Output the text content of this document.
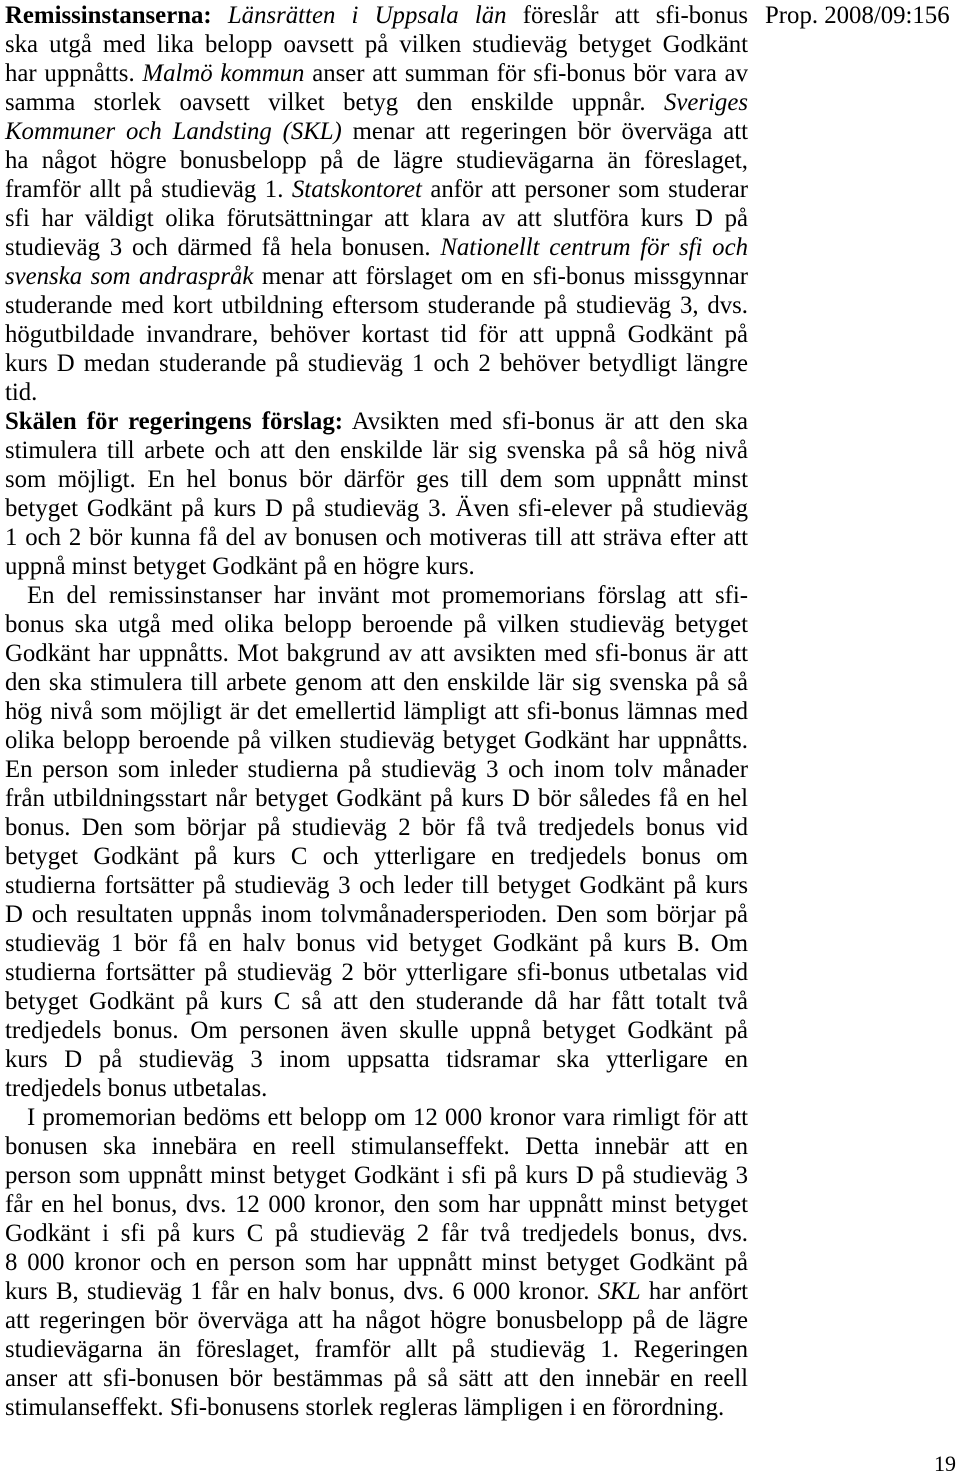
Remissinstanserna: Länsrätten i Uppsala län föreslår att sfi-bonus
ska utgå med lika belopp oavsett på vilken studieväg betyget Godkänt
har uppnåtts. Malmö kommun anser att summan för sfi-bonus bör vara av
samma storlek oavsett vilket betyg den enskilde uppnår. Sveriges
Kommuner och Landsting (SKL) menar att regeringen bör överväga att
ha något högre bonusbelopp på de lägre studievägarna än föreslaget,
framför allt på studieväg 1. Statskontoret anför att personer som studerar
sfi har väldigt olika förutsättningar att klara av att slutföra kurs D på
studieväg 3 och därmed få hela bonusen. Nationellt centrum för sfi och
svenska som andraspråk menar att förslaget om en sfi-bonus missgynnar
studerande med kort utbildning eftersom studerande på studieväg 3, dvs.
högutbildade invandrare, behöver kortast tid för att uppnå Godkänt på
kurs D medan studerande på studieväg 1 och 2 behöver betydligt längre
tid.
Skälen för regeringens förslag: Avsikten med sfi-bonus är att den ska
stimulera till arbete och att den enskilde lär sig svenska på så hög nivå
som möjligt. En hel bonus bör därför ges till dem som uppnått minst
betyget Godkänt på kurs D på studieväg 3. Även sfi-elever på studieväg
1 och 2 bör kunna få del av bonusen och motiveras till att sträva efter att
uppnå minst betyget Godkänt på en högre kurs.
En del remissinstanser har invänt mot promemorians förslag att sfi-
bonus ska utgå med olika belopp beroende på vilken studieväg betyget
Godkänt har uppnåtts. Mot bakgrund av att avsikten med sfi-bonus är att
den ska stimulera till arbete genom att den enskilde lär sig svenska på så
hög nivå som möjligt är det emellertid lämpligt att sfi-bonus lämnas med
olika belopp beroende på vilken studieväg betyget Godkänt har uppnåtts.
En person som inleder studierna på studieväg 3 och inom tolv månader
från utbildningsstart når betyget Godkänt på kurs D bör således få en hel
bonus. Den som börjar på studieväg 2 bör få två tredjedels bonus vid
betyget Godkänt på kurs C och ytterligare en tredjedels bonus om
studierna fortsätter på studieväg 3 och leder till betyget Godkänt på kurs
D och resultaten uppnås inom tolvmånadersperioden. Den som börjar på
studieväg 1 bör få en halv bonus vid betyget Godkänt på kurs B. Om
studierna fortsätter på studieväg 2 bör ytterligare sfi-bonus utbetalas vid
betyget Godkänt på kurs C så att den studerande då har fått totalt två
tredjedels bonus. Om personen även skulle uppnå betyget Godkänt på
kurs D på studieväg 3 inom uppsatta tidsramar ska ytterligare en
tredjedels bonus utbetalas.
I promemorian bedöms ett belopp om 12 000 kronor vara rimligt för att
bonusen ska innebära en reell stimulanseffekt. Detta innebär att en
person som uppnått minst betyget Godkänt i sfi på kurs D på studieväg 3
får en hel bonus, dvs. 12 000 kronor, den som har uppnått minst betyget
Godkänt i sfi på kurs C på studieväg 2 får två tredjedels bonus, dvs.
8 000 kronor och en person som har uppnått minst betyget Godkänt på
kurs B, studieväg 1 får en halv bonus, dvs. 6 000 kronor. SKL har anfört
att regeringen bör överväga att ha något högre bonusbelopp på de lägre
studievägarna än föreslaget, framför allt på studieväg 1. Regeringen
anser att sfi-bonusen bör bestämmas på så sätt att den innebär en reell
stimulanseffekt. Sfi-bonusens storlek regleras lämpligen i en förordning.
Prop. 2008/09:156
19
